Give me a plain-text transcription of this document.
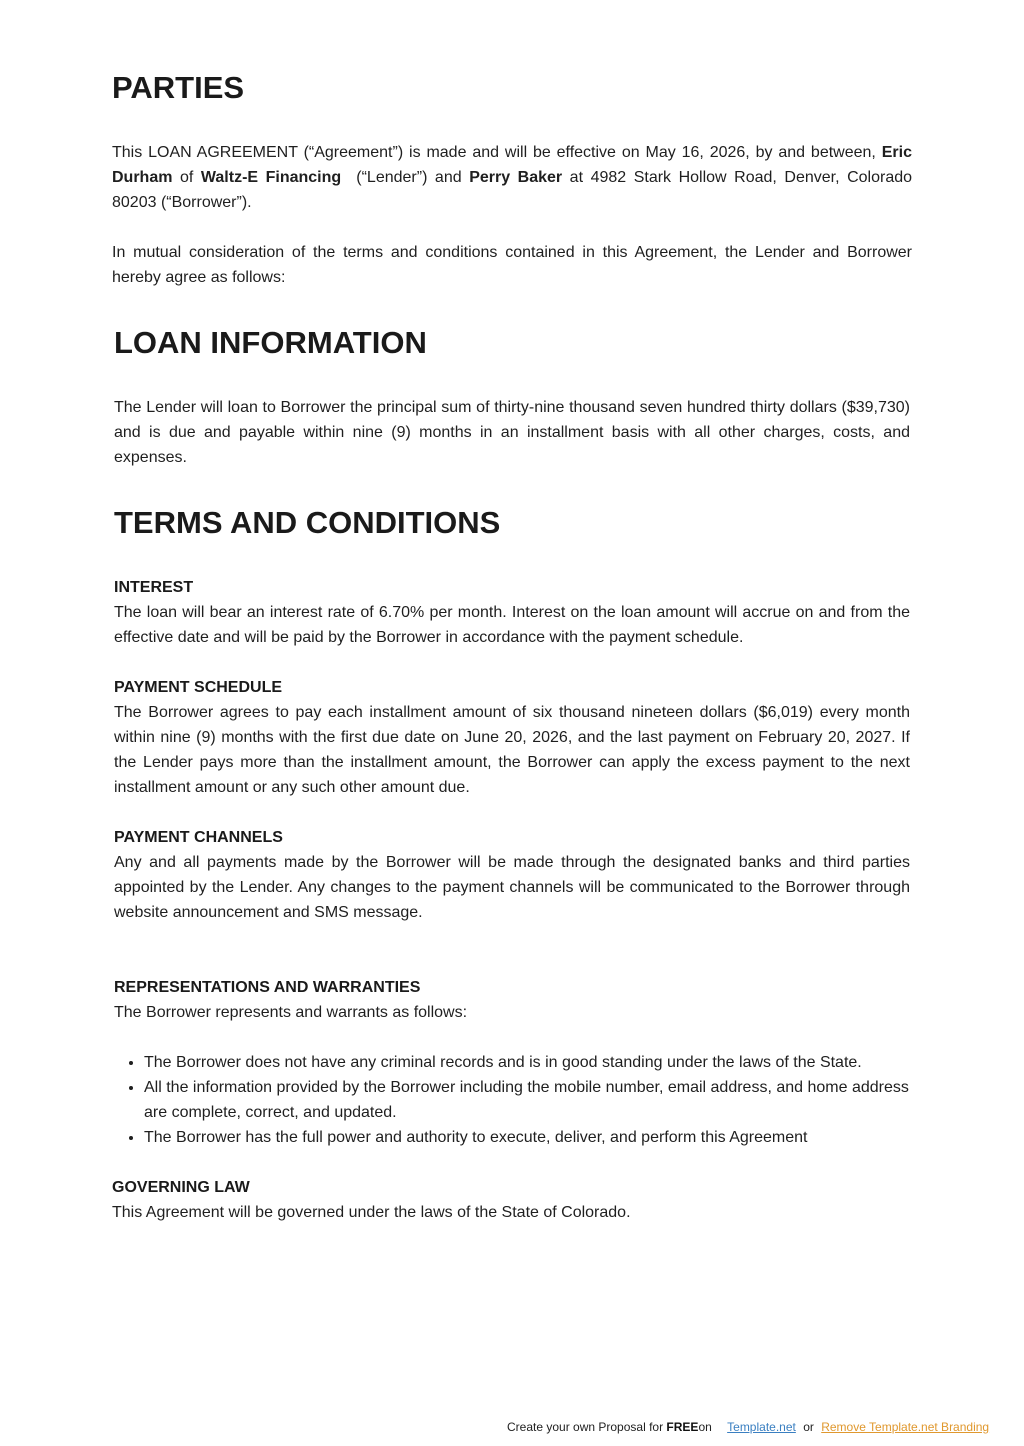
PARTIES

This LOAN AGREEMENT (“Agreement”) is made and will be effective on May 16, 2026, by and between, Eric Durham of Waltz-E Financing  (“Lender”) and Perry Baker at 4982 Stark Hollow Road, Denver, Colorado 80203 (“Borrower”).

In mutual consideration of the terms and conditions contained in this Agreement, the Lender and Borrower hereby agree as follows:

LOAN INFORMATION

The Lender will loan to Borrower the principal sum of thirty-nine thousand seven hundred thirty dollars ($39,730) and is due and payable within nine (9) months in an installment basis with all other charges, costs, and expenses.

TERMS AND CONDITIONS
INTEREST

The loan will bear an interest rate of 6.70% per month. Interest on the loan amount will accrue on and from the effective date and will be paid by the Borrower in accordance with the payment schedule.

PAYMENT SCHEDULE

The Borrower agrees to pay each installment amount of six thousand nineteen dollars ($6,019) every month within nine (9) months with the first due date on June 20, 2026, and the last payment on February 20, 2027. If the Lender pays more than the installment amount, the Borrower can apply the excess payment to the next installment amount or any such other amount due.

PAYMENT CHANNELS

Any and all payments made by the Borrower will be made through the designated banks and third parties appointed by the Lender. Any changes to the payment channels will be communicated to the Borrower through website announcement and SMS message.

REPRESENTATIONS AND WARRANTIES

The Borrower represents and warrants as follows:

• The Borrower does not have any criminal records and is in good standing under the laws of the State.
• All the information provided by the Borrower including the mobile number, email address, and home address are complete, correct, and updated.
• The Borrower has the full power and authority to execute, deliver, and perform this Agreement
GOVERNING LAW

This Agreement will be governed under the laws of the State of Colorado.

Create your own Proposal for FREEon Template.net or Remove Template.net Branding
